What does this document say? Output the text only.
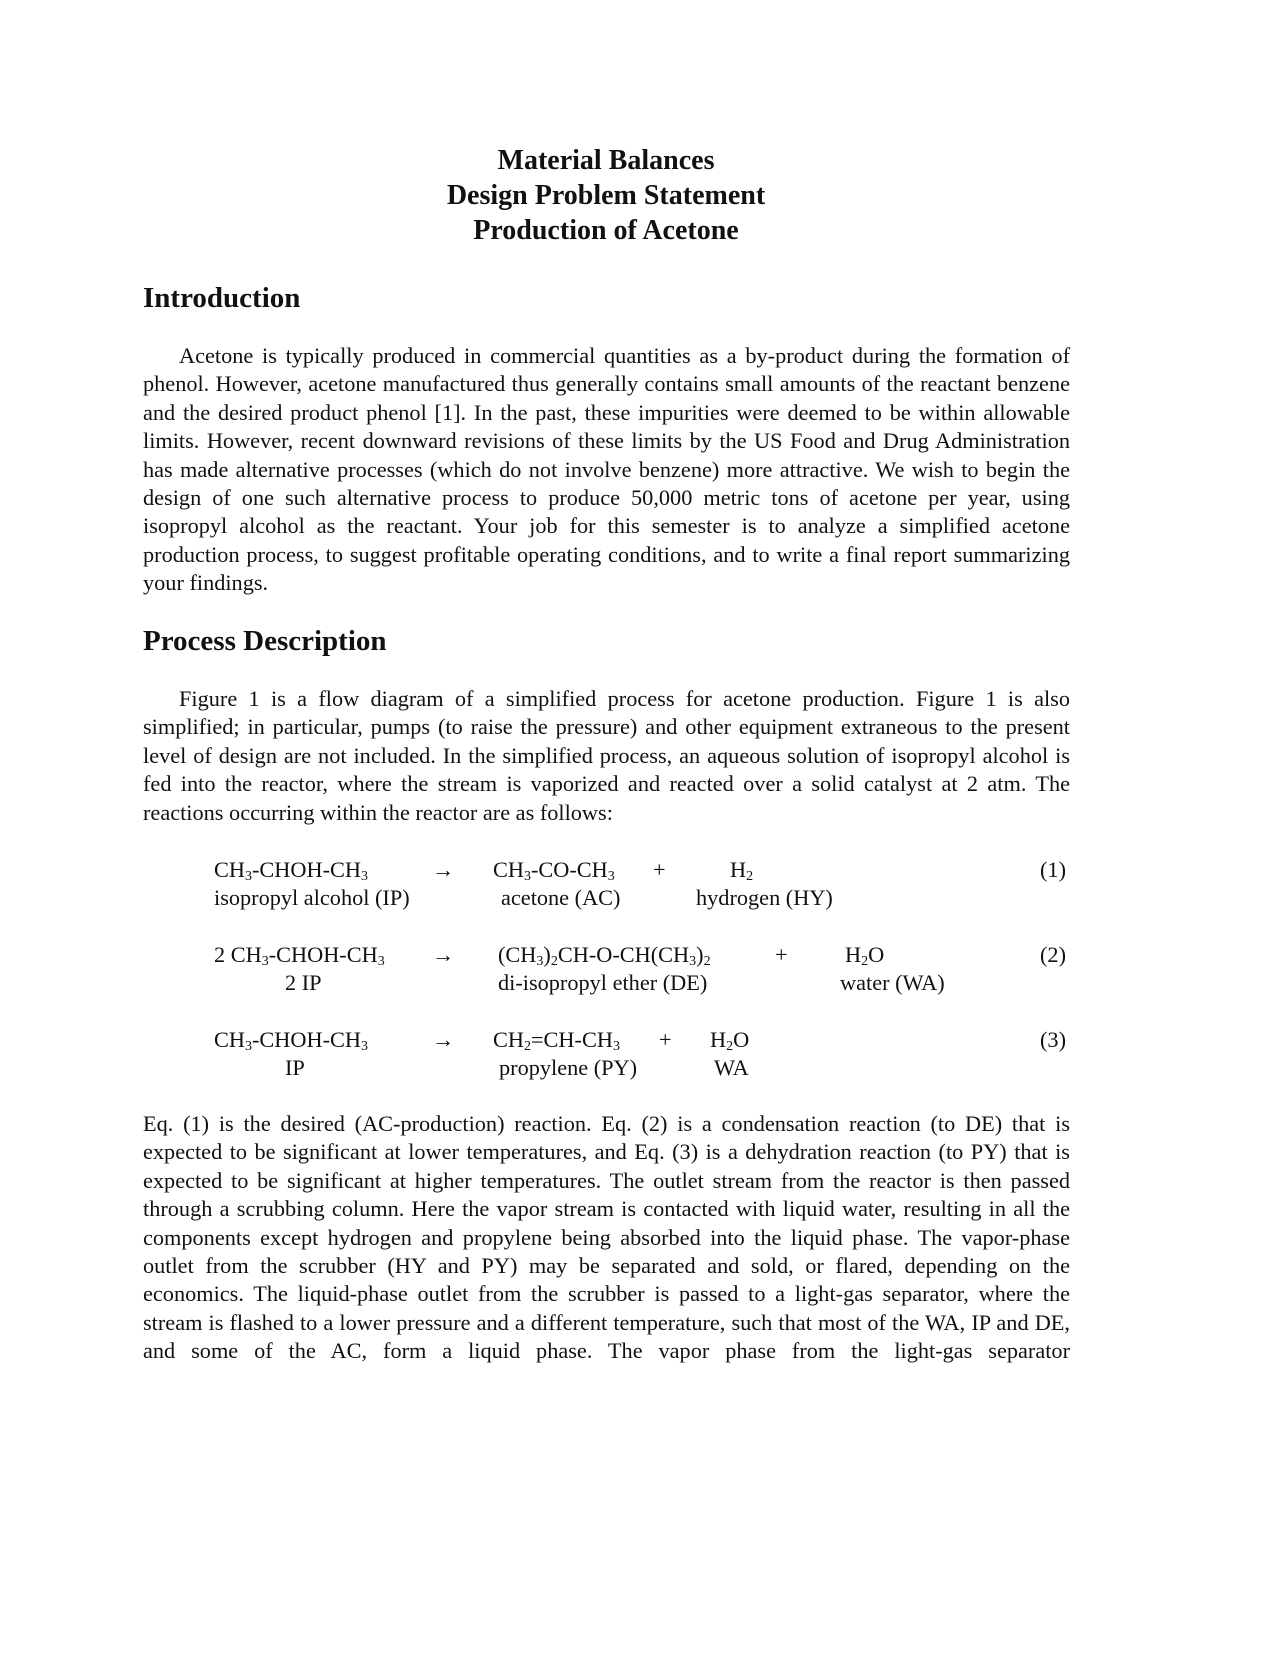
Material Balances
Design Problem Statement
Production of Acetone
Introduction

Acetone is typically produced in commercial quantities as a by-product during the formation of phenol. However, acetone manufactured thus generally contains small amounts of the reactant benzene and the desired product phenol [1]. In the past, these impurities were deemed to be within allowable limits. However, recent downward revisions of these limits by the US Food and Drug Administration has made alternative processes (which do not involve benzene) more attractive. We wish to begin the design of one such alternative process to produce 50,000 metric tons of acetone per year, using isopropyl alcohol as the reactant. Your job for this semester is to analyze a simplified acetone production process, to suggest profitable operating conditions, and to write a final report summarizing your findings.

Process Description

Figure 1 is a flow diagram of a simplified process for acetone production. Figure 1 is also simplified; in particular, pumps (to raise the pressure) and other equipment extraneous to the present level of design are not included. In the simplified process, an aqueous solution of isopropyl alcohol is fed into the reactor, where the stream is vaporized and reacted over a solid catalyst at 2 atm. The reactions occurring within the reactor are as follows:

$CH_3-CHOH-CH_3$
isopropyl alcohol (IP)
→ $CH_3-CO-CH_3$
acetone (AC)
+	$H_2$
hydrogen (HY)
(1)
2 $CH_3-CHOH-CH_3$
2 IP
→ $(CH_3)_2CH-O-CH(CH_3)_2$
di-isopropyl ether (DE)
+	$H_2O$
water (WA)
(2)
$CH_3-CHOH-CH_3$
IP
→ $CH_2=CH-CH_3$
propylene (PY)
+ $H_2O$
WA
(3)

Eq. (1) is the desired (AC-production) reaction. Eq. (2) is a condensation reaction (to DE) that is expected to be significant at lower temperatures, and Eq. (3) is a dehydration reaction (to PY) that is expected to be significant at higher temperatures. The outlet stream from the reactor is then passed through a scrubbing column. Here the vapor stream is contacted with liquid water, resulting in all the components except hydrogen and propylene being absorbed into the liquid phase. The vapor-phase outlet from the scrubber (HY and PY) may be separated and sold, or flared, depending on the economics. The liquid-phase outlet from the scrubber is passed to a light-gas separator, where the stream is flashed to a lower pressure and a different temperature, such that most of the WA, IP and DE, and some of the AC, form a liquid phase. The vapor phase from the light-gas separator
